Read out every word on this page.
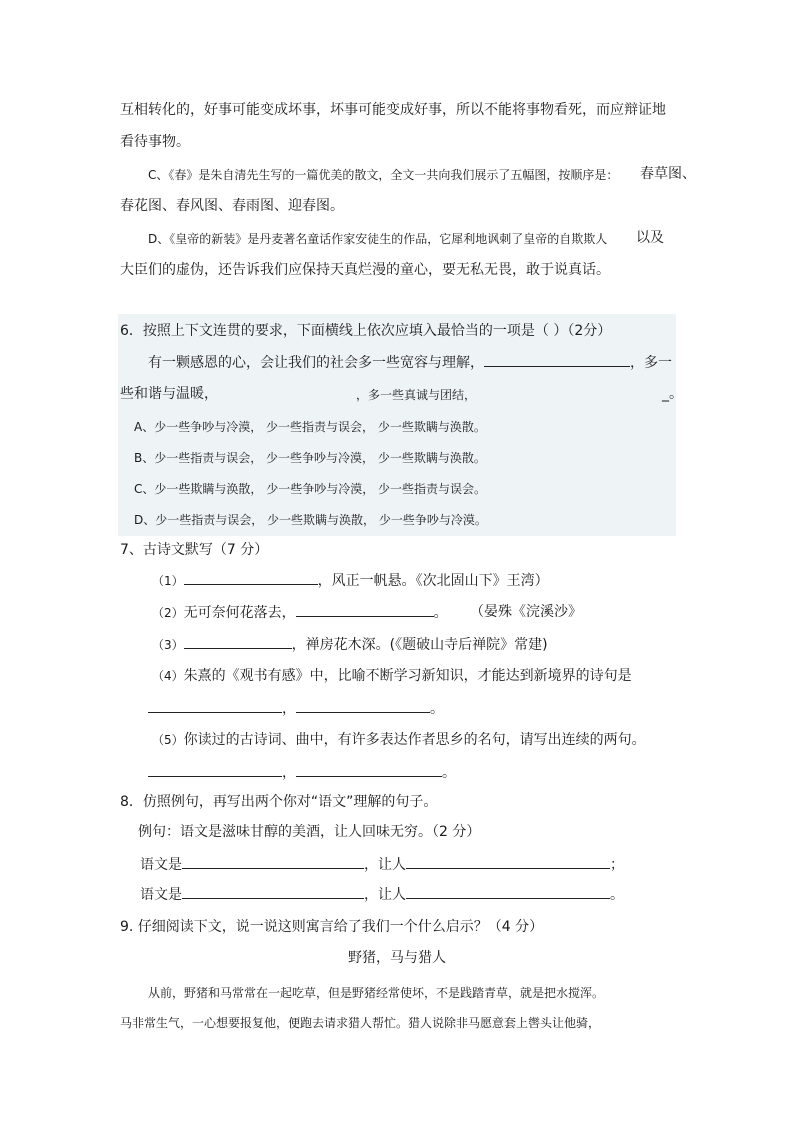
互相转化的，好事可能变成坏事，坏事可能变成好事，所以不能将事物看死，而应辩证地
看待事物。
C、《春》是朱自清先生写的一篇优美的散文，全文一共向我们展示了五幅图，按顺序是： 春草图、
春花图、春风图、春雨图、迎春图。
D、《皇帝的新装》是丹麦著名童话作家安徒生的作品，它犀利地讽刺了皇帝的自欺欺人 以及
大臣们的虚伪，还告诉我们应保持天真烂漫的童心，要无私无畏，敢于说真话。
6．按照上下文连贯的要求，下面横线上依次应填入最恰当的一项是（ ）（2分）
有一颗感恩的心，会让我们的社会多一些宽容与理解，	，多一
些和谐与温暖，	，多一些真诚与团结，	_。
A、少一些争吵与冷漠， 少一些指责与误会， 少一些欺瞒与涣散。
B、少一些指责与误会， 少一些争吵与冷漠， 少一些欺瞒与涣散。
C、少一些欺瞒与涣散， 少一些争吵与冷漠， 少一些指责与误会。
D、少一些指责与误会， 少一些欺瞒与涣散， 少一些争吵与冷漠。
7、古诗文默写（7 分）
（1）	，风正一帆悬。《次北固山下》王湾）
（2）无可奈何花落去，	。 （晏殊《浣溪沙》
（3）	，禅房花木深。(《题破山寺后禅院》常建)
（4）朱熹的《观书有感》中，比喻不断学习新知识，才能达到新境界的诗句是
，	。
（5）你读过的古诗词、曲中，有许多表达作者思乡的名句，请写出连续的两句。
，	。
8．仿照例句，再写出两个你对“语文”理解的句子。
例句：语文是滋味甘醇的美酒，让人回味无穷。（2 分）
语文是	，让人	；
语文是	，让人	。
9. 仔细阅读下文，说一说这则寓言给了我们一个什么启示？（4 分）
野猪，马与猎人
从前，野猪和马常常在一起吃草，但是野猪经常使坏，不是践踏青草，就是把水搅浑。
马非常生气，一心想要报复他，便跑去请求猎人帮忙。猎人说除非马愿意套上辔头让他骑，
